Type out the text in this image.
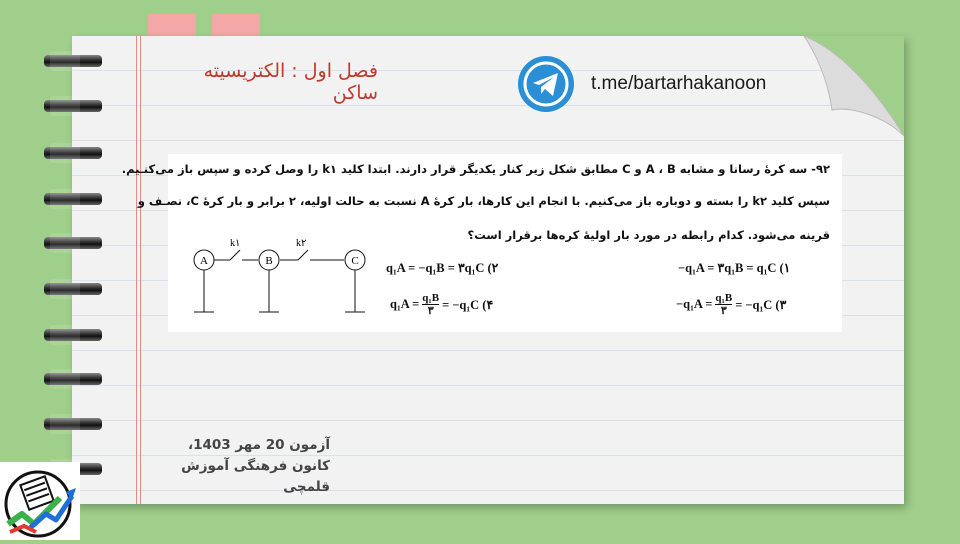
فصل اول : الکتریسیته ساکن	t.me/bartarhakanoon
۹۲- سه کرهٔ رسانا و مشابه A ، B و C مطابق شکل زیر کنار یکدیگر قرار دارند. ابتدا کلید k۱ را وصل کرده و سپس باز می‌کنـیم.
سپس کلید k۲ را بسته و دوباره باز می‌کنیم. با انجام این کارها، بار کرهٔ A نسبت به حالت اولیه، ۲ برابر و بار کرهٔ C، نصـف و
قرینه می‌شود. کدام رابطه در مورد بار اولیهٔ کره‌ها برقرار است؟
A	B	C
k۱	k۲
−q₁A = ۳q₁B = q₁C (۱
q₁A = −q₁B = ۳q₁C (۲
−q₁A = q₁B
۳ = −q₁C (۳
q₁A = q₁B
۳ = −q₁C (۴
آزمون 20 مهر 1403،
کانون فرهنگی آموزش قلمچی
